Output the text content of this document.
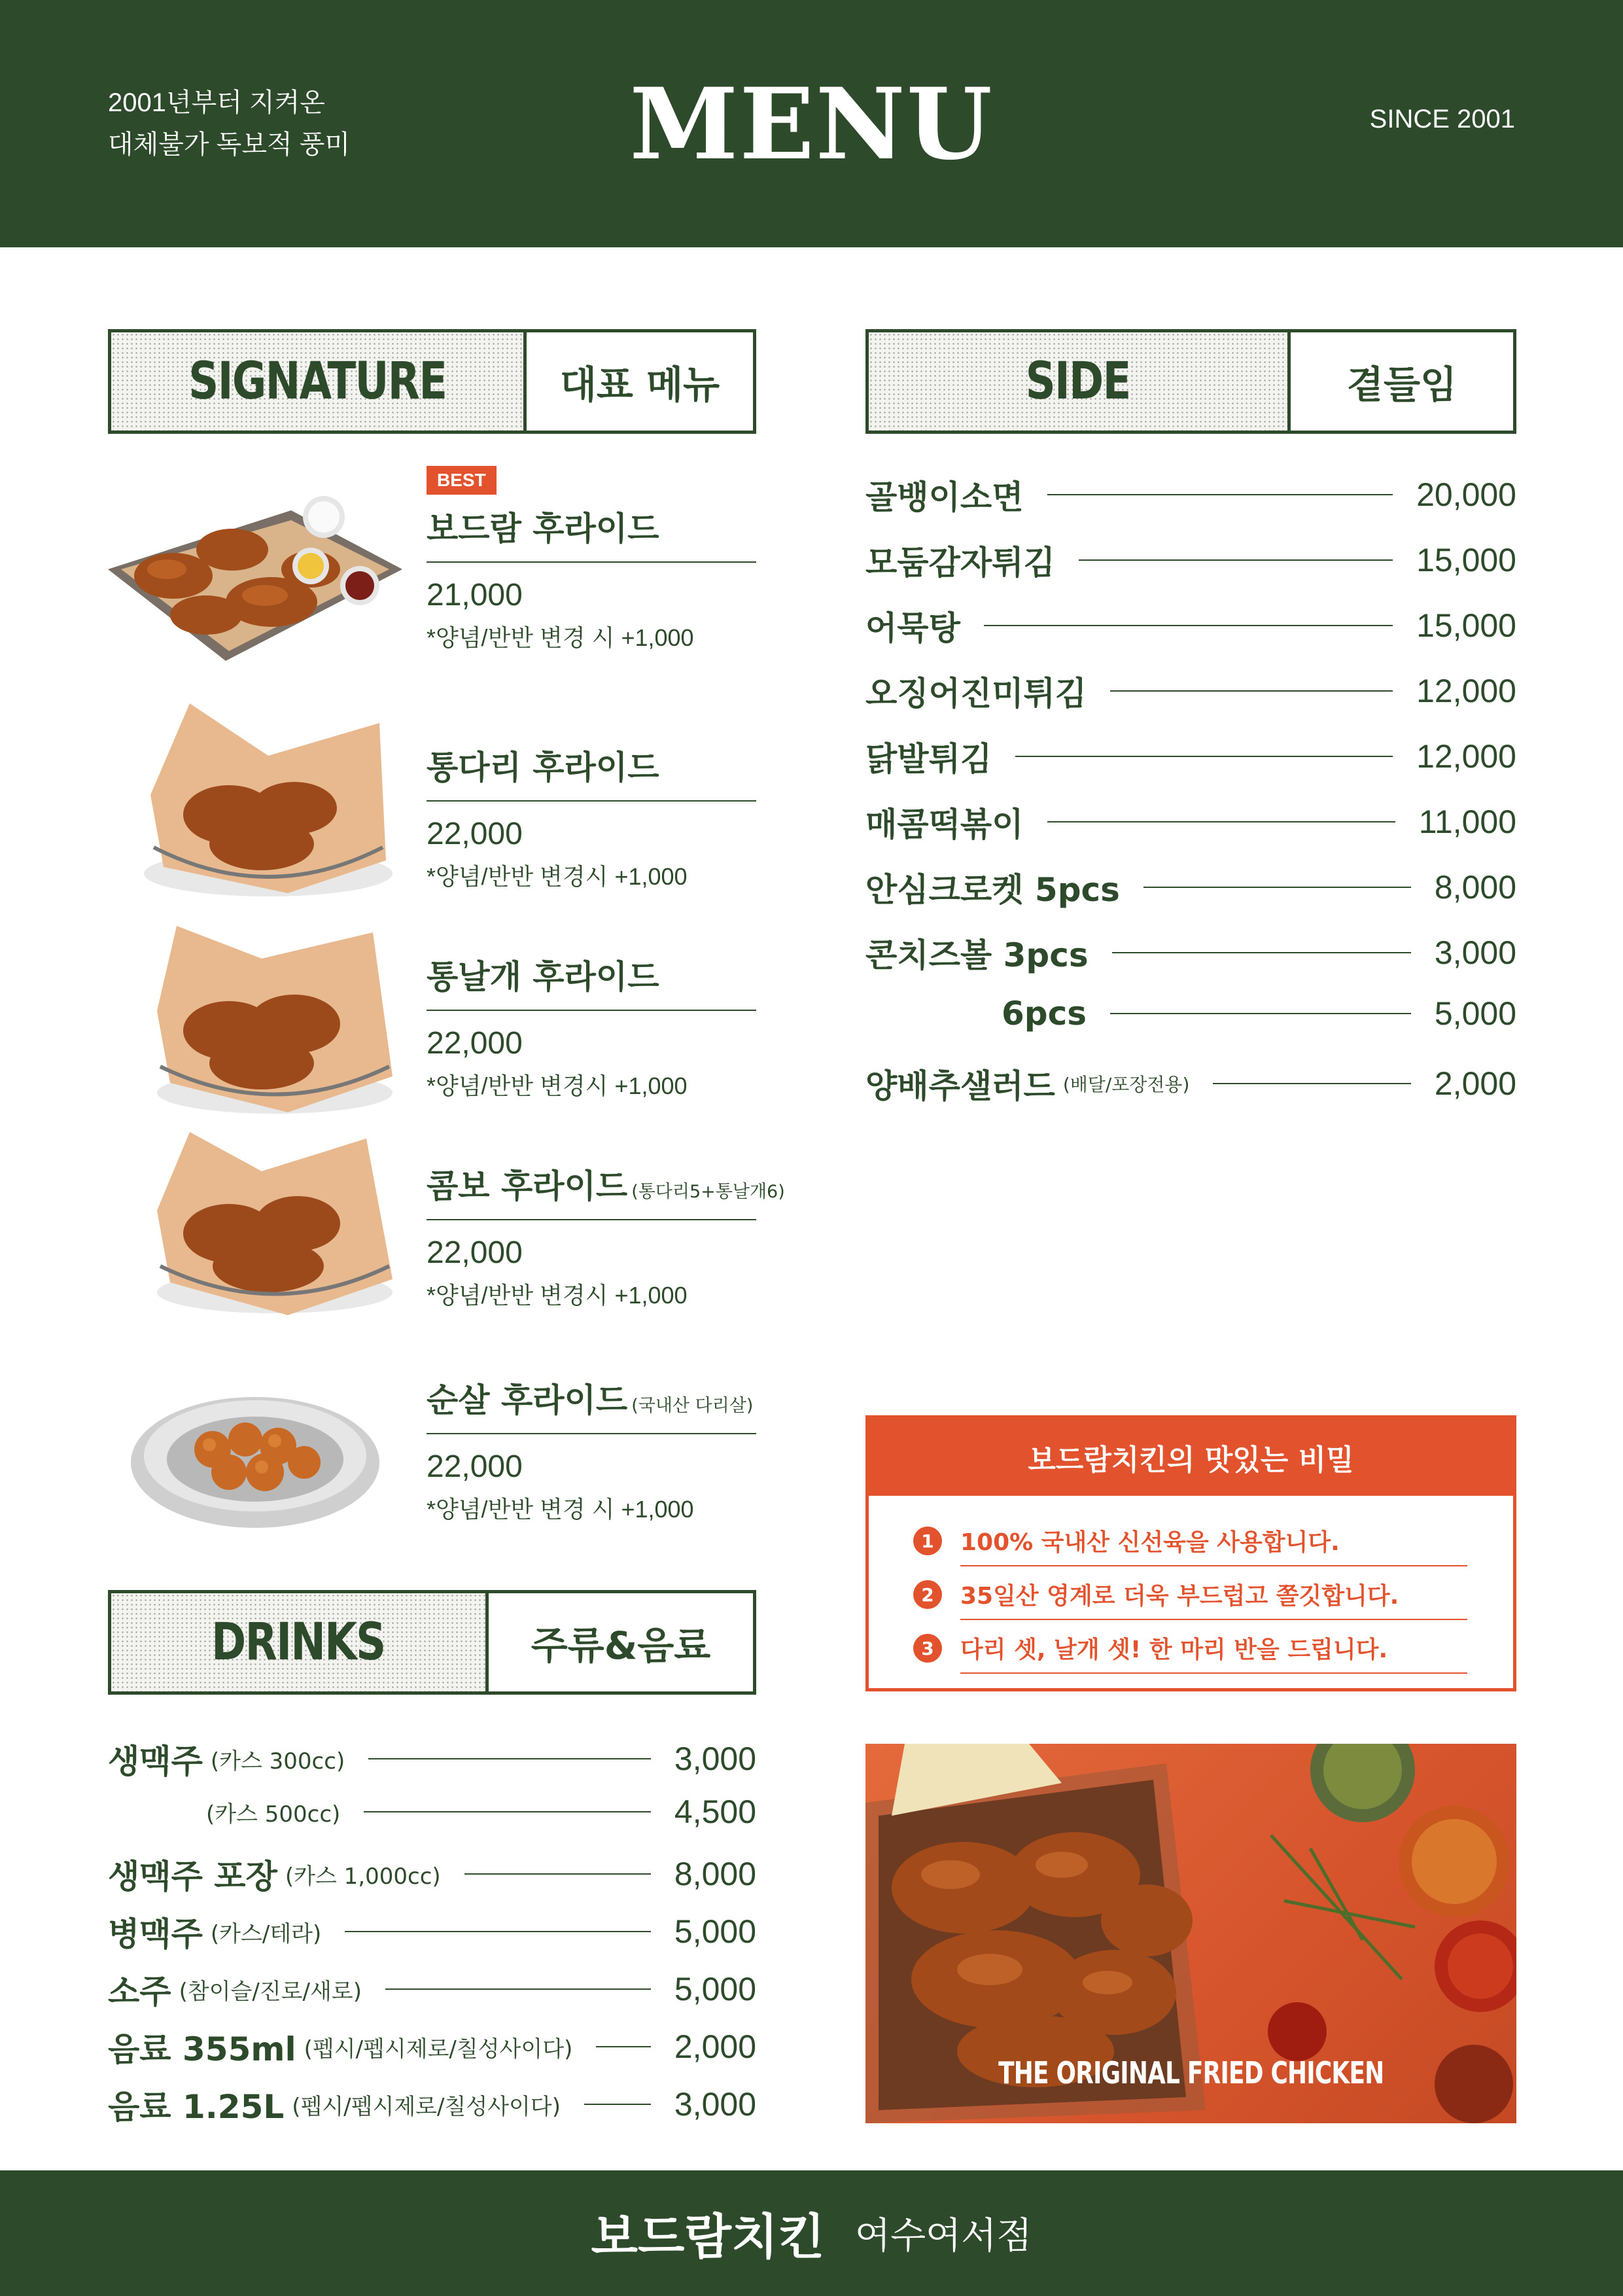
2001년부터 지켜온
대체불가 독보적 풍미	MENU	SINCE 2001
SIGNATURE	대표 메뉴
BEST
보드람 후라이드
21,000
*양념/반반 변경 시 +1,000
통다리 후라이드
22,000
*양념/반반 변경시 +1,000
통날개 후라이드
22,000
*양념/반반 변경시 +1,000
콤보 후라이드 (통다리5+통날개6)
22,000
*양념/반반 변경시 +1,000
순살 후라이드 (국내산 다리살)
22,000
*양념/반반 변경 시 +1,000
SIDE	곁들임
골뱅이소면	20,000
모둠감자튀김	15,000
어묵탕	15,000
오징어진미튀김	12,000
닭발튀김	12,000
매콤떡볶이	11,000
안심크로켓 5pcs	8,000
콘치즈볼 3pcs	3,000
6pcs	5,000
양배추샐러드 (배달/포장전용)	2,000
보드람치킨의 맛있는 비밀
1	100% 국내산 신선육을 사용합니다.
2	35일산 영계로 더욱 부드럽고 쫄깃합니다.
3	다리 셋, 날개 셋! 한 마리 반을 드립니다.
DRINKS	주류&음료
생맥주 (카스 300cc)	3,000
(카스 500cc)	4,500
생맥주 포장 (카스 1,000cc)	8,000
병맥주 (카스/테라)	5,000
소주 (참이슬/진로/새로)	5,000
음료 355ml (펩시/펩시제로/칠성사이다)	2,000
음료 1.25L (펩시/펩시제로/칠성사이다)	3,000
THE ORIGINAL FRIED CHICKEN
보드람치킨 여수여서점
